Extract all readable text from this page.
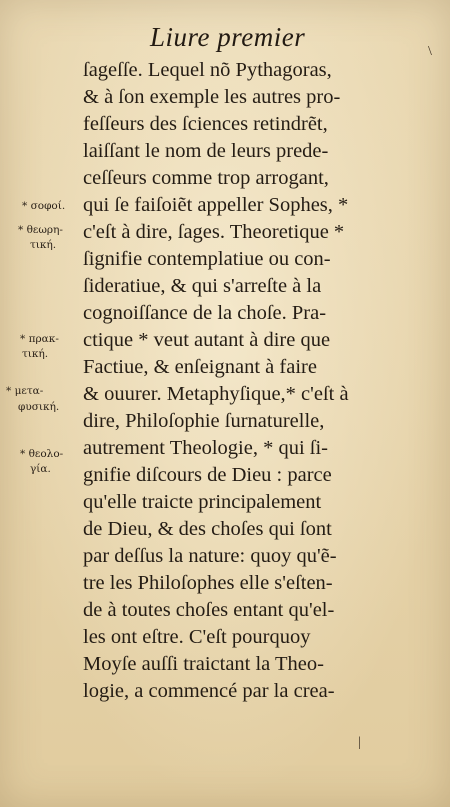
Liure premier
ſageſſe. Lequel nõ Pythagoras,
& à ſon exemple les autres pro-
feſſeurs des ſciences retindrẽt,
laiſſant le nom de leurs prede-
ceſſeurs comme trop arrogant,
qui ſe faiſoiẽt appeller Sophes, *
c'eſt à dire, ſages. Theoretique *
ſignifie contemplatiue ou con-
ſideratiue, & qui s'arreſte à la
cognoiſſance de la choſe. Pra-
ctique * veut autant à dire que
Factiue, & enſeignant à faire
& ouurer. Metaphyſique,* c'eſt à
dire, Philoſophie ſurnaturelle,
autrement Theologie, * qui ſi-
gnifie diſcours de Dieu : parce
qu'elle traicte principalement
de Dieu, & des choſes qui ſont
par deſſus la nature: quoy qu'ẽ-
tre les Philoſophes elle s'eſten-
de à toutes choſes entant qu'el-
les ont eſtre. C'eſt pourquoy
Moyſe auſſi traictant la Theo-
logie, a commencé par la crea-
* σοφοί.
* θεωρη-
τική.
* πρακ-
τική.
* μετα-
φυσική.
* θεολο-
γία.
\
|
